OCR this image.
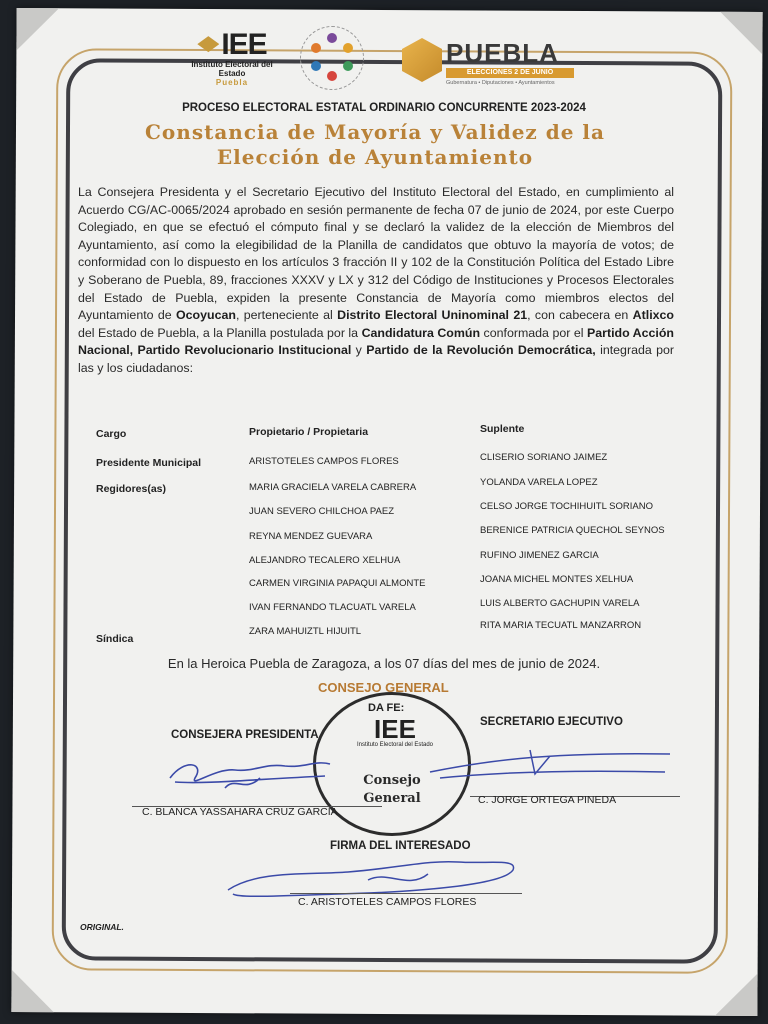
IEE
Instituto Electoral del Estado
Puebla
PUEBLA
ELECCIONES 2 DE JUNIO
Gubernatura • Diputaciones • Ayuntamientos
PROCESO ELECTORAL ESTATAL ORDINARIO CONCURRENTE 2023-2024
Constancia de Mayoría y Validez de la
Elección de Ayuntamiento
La Consejera Presidenta y el Secretario Ejecutivo del Instituto Electoral del Estado, en cumplimiento al Acuerdo CG/AC-0065/2024 aprobado en sesión permanente de fecha 07 de junio de 2024, por este Cuerpo Colegiado, en que se efectuó el cómputo final y se declaró la validez de la elección de Miembros del Ayuntamiento, así como la elegibilidad de la Planilla de candidatos que obtuvo la mayoría de votos; de conformidad con lo dispuesto en los artículos 3 fracción II y 102 de la Constitución Política del Estado Libre y Soberano de Puebla, 89, fracciones XXXV y LX y 312 del Código de Instituciones y Procesos Electorales del Estado de Puebla, expiden la presente Constancia de Mayoría como miembros electos del Ayuntamiento de Ocoyucan, perteneciente al Distrito Electoral Uninominal 21, con cabecera en Atlixco del Estado de Puebla, a la Planilla postulada por la Candidatura Común conformada por el Partido Acción Nacional, Partido Revolucionario Institucional y Partido de la Revolución Democrática, integrada por las y los ciudadanos:
Cargo	Propietario / Propietaria	Suplente
Presidente Municipal
Regidores(as)
Síndica
ARISTOTELES CAMPOS FLORES
MARIA GRACIELA VARELA CABRERA
JUAN SEVERO CHILCHOA PAEZ
REYNA MENDEZ GUEVARA
ALEJANDRO TECALERO XELHUA
CARMEN VIRGINIA PAPAQUI ALMONTE
IVAN FERNANDO TLACUATL VARELA
ZARA MAHUIZTL HIJUITL
CLISERIO SORIANO JAIMEZ
YOLANDA VARELA LOPEZ
CELSO JORGE TOCHIHUITL SORIANO
BERENICE PATRICIA QUECHOL SEYNOS
RUFINO JIMENEZ GARCIA
JOANA MICHEL MONTES XELHUA
LUIS ALBERTO GACHUPIN VARELA
RITA MARIA TECUATL MANZARRON
En la Heroica Puebla de Zaragoza, a los 07 días del mes de junio de 2024.
CONSEJO GENERAL
DA FE:
IEE
Instituto Electoral del Estado
Consejo General
CONSEJERA PRESIDENTA
SECRETARIO EJECUTIVO
C. BLANCA YASSAHARA CRUZ GARCÍA
C. JORGE ORTEGA PINEDA
FIRMA DEL INTERESADO
C. ARISTOTELES CAMPOS FLORES
ORIGINAL.
